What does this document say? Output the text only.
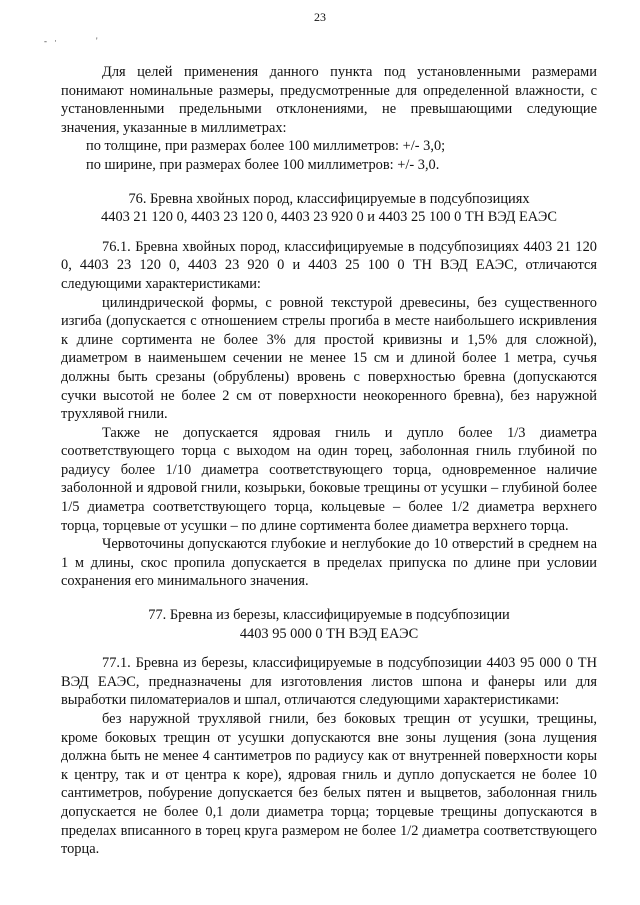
23
- ·	'

Для целей применения данного пункта под установленными размерами понимают номинальные размеры, предусмотренные для определенной влажности, с установленными предельными отклонениями, не превышающими следующие значения, указанные в миллиметрах:

по толщине, при размерах более 100 миллиметров: +/- 3,0;

по ширине, при размерах более 100 миллиметров: +/- 3,0.

76. Бревна хвойных пород, классифицируемые в подсубпозициях
4403 21 120 0, 4403 23 120 0, 4403 23 920 0 и 4403 25 100 0 ТН ВЭД ЕАЭС

76.1. Бревна хвойных пород, классифицируемые в подсубпозициях 4403 21 120 0, 4403 23 120 0, 4403 23 920 0 и 4403 25 100 0 ТН ВЭД ЕАЭС, отличаются следующими характеристиками:

цилиндрической формы, с ровной текстурой древесины, без существенного изгиба (допускается с отношением стрелы прогиба в месте наибольшего искривления к длине сортимента не более 3% для простой кривизны и 1,5% для сложной), диаметром в наименьшем сечении не менее 15 см и длиной более 1 метра, сучья должны быть срезаны (обрублены) вровень с поверхностью бревна (допускаются сучки высотой не более 2 см от поверхности неокоренного бревна), без наружной трухлявой гнили.

Также не допускается ядровая гниль и дупло более 1/3 диаметра соответствующего торца с выходом на один торец, заболонная гниль глубиной по радиусу более 1/10 диаметра соответствующего торца, одновременное наличие заболонной и ядровой гнили, козырьки, боковые трещины от усушки – глубиной более 1/5 диаметра соответствующего торца, кольцевые – более 1/2 диаметра верхнего торца, торцевые от усушки – по длине сортимента более диаметра верхнего торца.

Червоточины допускаются глубокие и неглубокие до 10 отверстий в среднем на 1 м длины, скос пропила допускается в пределах припуска по длине при условии сохранения его минимального значения.

77. Бревна из березы, классифицируемые в подсубпозиции
4403 95 000 0 ТН ВЭД ЕАЭС

77.1. Бревна из березы, классифицируемые в подсубпозиции 4403 95 000 0 ТН ВЭД ЕАЭС, предназначены для изготовления листов шпона и фанеры или для выработки пиломатериалов и шпал, отличаются следующими характеристиками:

без наружной трухлявой гнили, без боковых трещин от усушки, трещины, кроме боковых трещин от усушки допускаются вне зоны лущения (зона лущения должна быть не менее 4 сантиметров по радиусу как от внутренней поверхности коры к центру, так и от центра к коре), ядровая гниль и дупло допускается не более 10 сантиметров, побурение допускается без белых пятен и выцветов, заболонная гниль допускается не более 0,1 доли диаметра торца; торцевые трещины допускаются в пределах вписанного в торец круга размером не более 1/2 диаметра соответствующего торца.
